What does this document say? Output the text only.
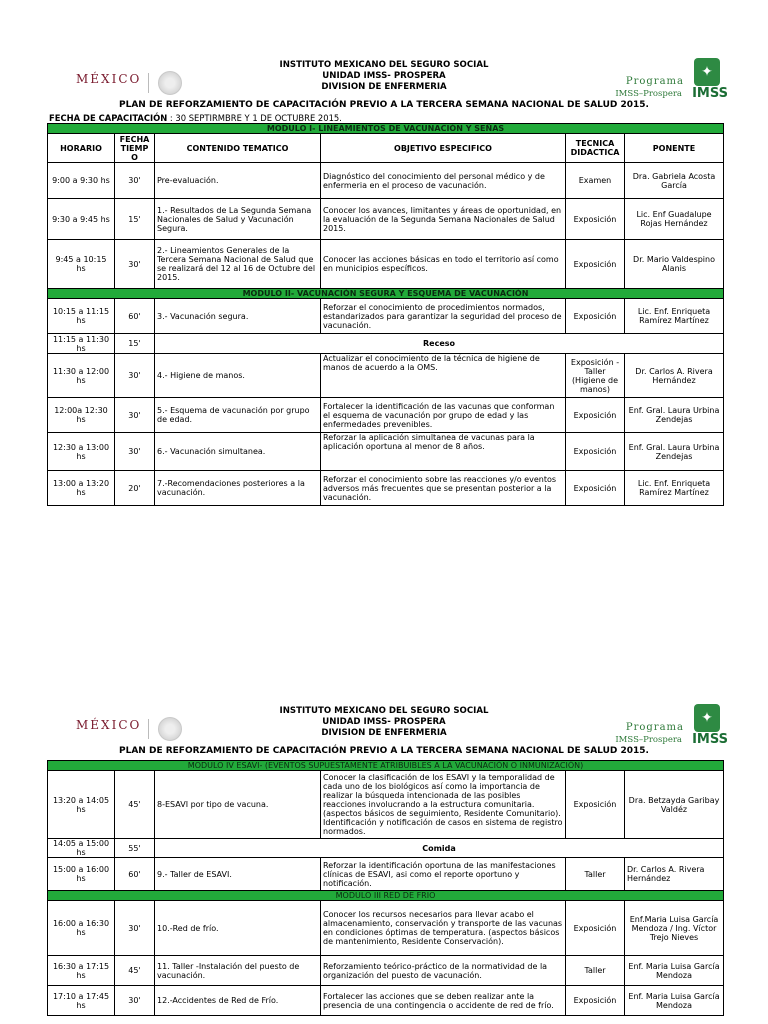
MÉXICO
INSTITUTO MEXICANO DEL SEGURO SOCIAL
UNIDAD IMSS- PROSPERA
DIVISION DE ENFERMERIA
✦
Programa
IMSS–Prospera IMSS
PLAN DE REFORZAMIENTO DE CAPACITACIÓN PREVIO A LA TERCERA SEMANA NACIONAL DE SALUD 2015.
FECHA DE CAPACITACIÓN : 30 SEPTIRMBRE Y 1 DE OCTUBRE 2015.
MODULO I- LINEAMIENTOS DE VACUNACIÓN Y SEÑAS					
HORARIO	FECHA TIEMP O	CONTENIDO TEMATICO	OBJETIVO ESPECIFICO	TECNICA DIDACTICA	PONENTE
9:00 a 9:30 hs	30'	Pre-evaluación.	Diagnóstico del conocimiento del personal médico y de enfermeria en el proceso de vacunación.	Examen	Dra. Gabriela Acosta García
9:30 a 9:45 hs	15'	1.- Resultados de La Segunda Semana Nacionales de Salud y Vacunación Segura.	Conocer los avances, limitantes y áreas de oportunidad, en la evaluación de la Segunda Semana Nacionales de Salud 2015.	Exposición	Lic. Enf Guadalupe Rojas Hernández
9:45 a 10:15 hs	30'	2.- Lineamientos Generales de la Tercera Semana Nacional de Salud que se realizará del 12 al 16 de Octubre del 2015.	Conocer las acciones básicas en todo el territorio así como en municipios específicos.	Exposición	Dr. Mario Valdespino Alanis
MODULO II- VACUNACIÓN SEGURA Y ESQUEMA DE VACUNACIÓN					
10:15 a 11:15 hs	60'	3.- Vacunación segura.	Reforzar el conocimiento de procedimientos normados, estandarizados para garantizar la seguridad del proceso de vacunación.	Exposición	Lic. Enf. Enriqueta Ramírez Martínez
11:15 a 11:30 hs	15'	Receso			
11:30 a 12:00 hs	30'	4.- Higiene de manos.	Actualizar el conocimiento de la técnica de higiene de manos de acuerdo a la OMS.	Exposición - Taller (Higiene de manos)	Dr. Carlos A. Rivera Hernández
12:00a 12:30 hs	30'	5.- Esquema de vacunación por grupo de edad.	Fortalecer la identificación de las vacunas que conforman el esquema de vacunación por grupo de edad y las enfermedades prevenibles.	Exposición	Enf. Gral. Laura Urbina Zendejas
12:30 a 13:00 hs	30'	6.- Vacunación simultanea.	Reforzar la aplicación simultanea de vacunas para la aplicación oportuna al menor de 8 años.	Exposición	Enf. Gral. Laura Urbina Zendejas
13:00 a 13:20 hs	20'	7.-Recomendaciones posteriores a la vacunación.	Reforzar el conocimiento sobre las reacciones y/o eventos adversos más frecuentes que se presentan posterior a la vacunación.	Exposición	Lic. Enf. Enriqueta Ramírez Martínez
MÉXICO
INSTITUTO MEXICANO DEL SEGURO SOCIAL
UNIDAD IMSS- PROSPERA
DIVISION DE ENFERMERIA
✦
Programa
IMSS–Prospera IMSS
PLAN DE REFORZAMIENTO DE CAPACITACIÓN PREVIO A LA TERCERA SEMANA NACIONAL DE SALUD 2015.
MODULO IV ESAVI- (EVENTOS SUPUESTAMENTE ATRIBUIBLES A LA VACUNACIÓN O INMUNIZACIÓN)					
13:20 a 14:05 hs	45'	8-ESAVI por tipo de vacuna.	Conocer la clasificación de los ESAVI y la temporalidad de cada uno de los biológicos así como la importancia de realizar la búsqueda intencionada de las posibles reacciones involucrando a la estructura comunitaria. (aspectos básicos de seguimiento, Residente Comunitario). Identificación y notificación de casos en sistema de registro normados.	Exposición	Dra. Betzayda Garibay Valdéz
14:05 a 15:00 hs	55'	Comida			
15:00 a 16:00 hs	60'	9.- Taller de ESAVI.	Reforzar la identificación oportuna de las manifestaciones clínicas de ESAVI, asi como el reporte oportuno y notificación.	Taller	Dr. Carlos A. Rivera Hernández
MODULO III RED DE FRIO					
16:00 a 16:30 hs	30'	10.-Red de frío.	Conocer los recursos necesarios para llevar acabo el almacenamiento, conservación y transporte de las vacunas en condiciones óptimas de temperatura. (aspectos básicos de mantenimiento, Residente Conservación).	Exposición	Enf.Maria Luisa García Mendoza / Ing. Víctor Trejo Nieves
16:30 a 17:15 hs	45'	11. Taller -Instalación del puesto de vacunación.	Reforzamiento teórico-práctico de la normatividad de la organización del puesto de vacunación.	Taller	Enf. Maria Luisa García Mendoza
17:10 a 17:45 hs	30'	12.-Accidentes de Red de Frío.	Fortalecer las acciones que se deben realizar ante la presencia de una contingencia o accidente de red de frío.	Exposición	Enf. Maria Luisa García Mendoza
